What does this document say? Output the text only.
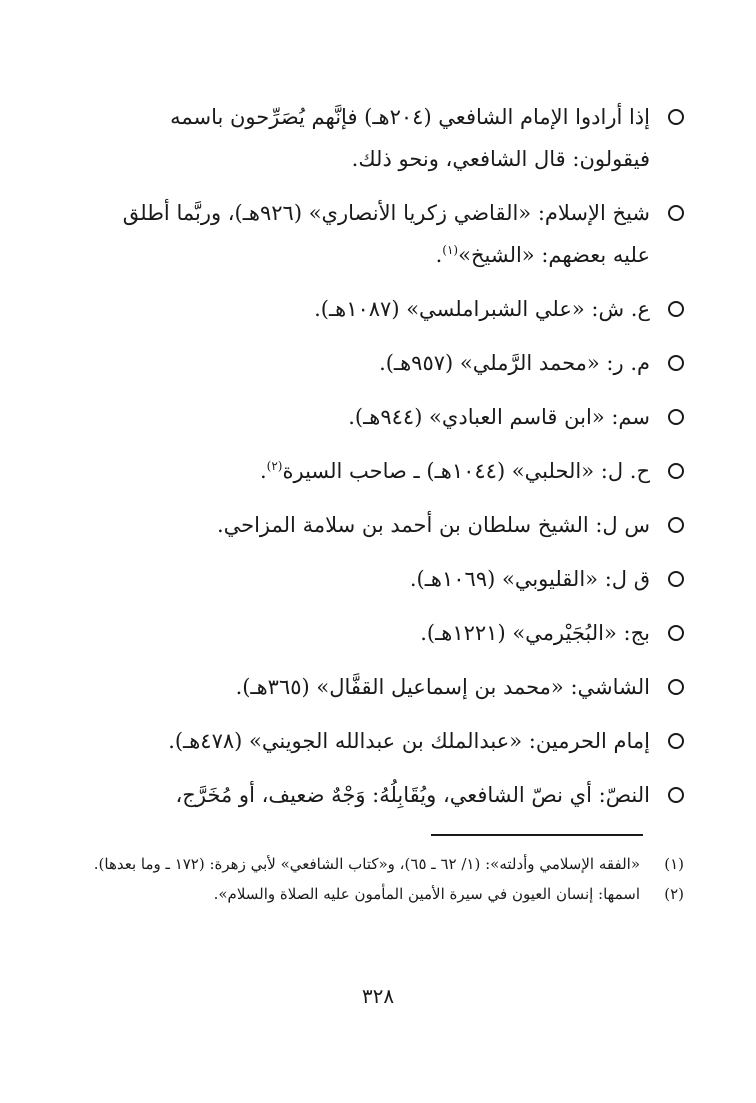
إذا أرادوا الإمام الشافعي (٢٠٤هـ) فإنَّهم يُصَرِّحون باسمه فيقولون: قال الشافعي، ونحو ذلك.
شيخ الإسلام: «القاضي زكريا الأنصاري» (٩٢٦هـ)، وربَّما أطلق عليه بعضهم: «الشيخ»$^{(١)}$.
ع. ش: «علي الشبراملسي» (١٠٨٧هـ).
م. ر: «محمد الرَّملي» (٩٥٧هـ).
سم: «ابن قاسم العبادي» (٩٤٤هـ).
ح. ل: «الحلبي» (١٠٤٤هـ) ـ صاحب السيرة$^{(٢)}$.
س ل: الشيخ سلطان بن أحمد بن سلامة المزاحي.
ق ل: «القليوبي» (١٠٦٩هـ).
بج: «البُجَيْرمي» (١٢٢١هـ).
الشاشي: «محمد بن إسماعيل القفَّال» (٣٦٥هـ).
إمام الحرمين: «عبدالملك بن عبدالله الجويني» (٤٧٨هـ).
النصّ: أي نصّ الشافعي، ويُقَابِلُهُ: وَجْهٌ ضعيف، أو مُخَرَّج،
(١)
«الفقه الإسلامي وأدلته»: (١/ ٦٢ ـ ٦٥)، و«كتاب الشافعي» لأبي زهرة: (١٧٢ ـ وما بعدها).
(٢)
اسمها: إنسان العيون في سيرة الأمين المأمون عليه الصلاة والسلام».
٣٢٨
